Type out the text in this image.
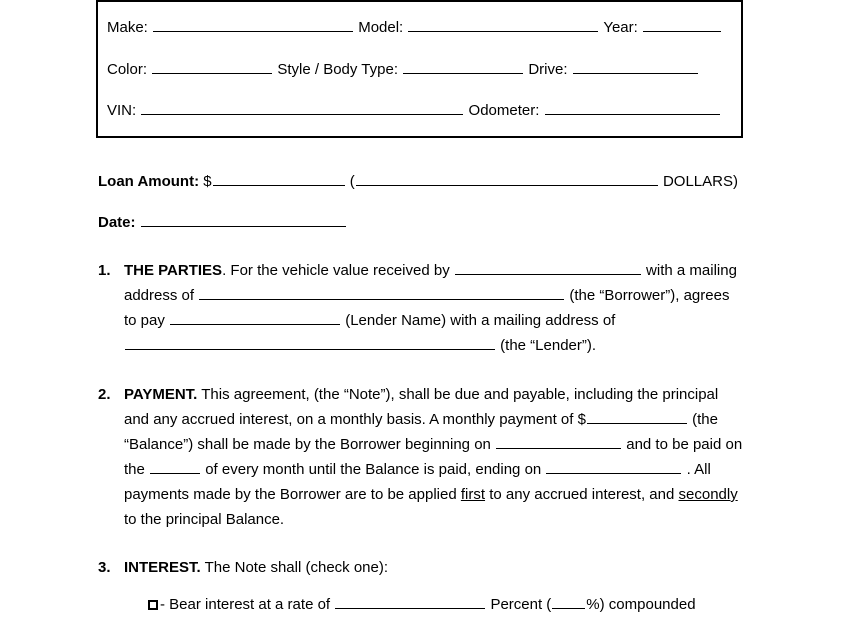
Make:	Model:	Year:
Color:	Style / Body Type:	Drive:
VIN:	Odometer:
Loan Amount: $	(	DOLLARS)
Date:
1. THE PARTIES. For the vehicle value received by	with a mailing address of	(the “Borrower”), agrees to pay	(Lender Name) with a mailing address of  (the “Lender”).
2. PAYMENT. This agreement, (the “Note”), shall be due and payable, including the principal and any accrued interest, on a monthly basis. A monthly payment of $	(the “Balance”) shall be made by the Borrower beginning on	and to be paid on the	of every month until the Balance is paid, ending on	. All payments made by the Borrower are to be applied first to any accrued interest, and secondly to the principal Balance.
3. INTEREST. The Note shall (check one):
- Bear interest at a rate of	Percent ( %) compounded
